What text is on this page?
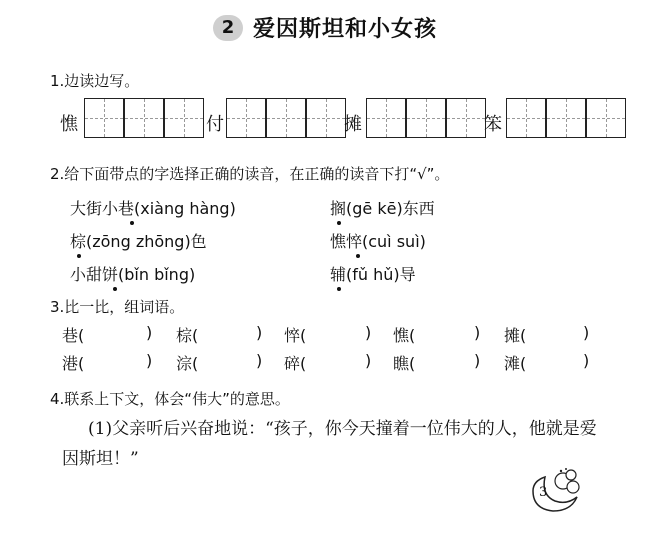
2 爱因斯坦和小女孩
1.边读边写。
憔	付	摊	笨
2.给下面带点的字选择正确的读音，在正确的读音下打“√”。
大街小巷(xiàng hàng)	搁(gē kē)东西
棕(zōng zhōng)色	憔悴(cuì suì)
小甜饼(bǐn bǐng)	辅(fǔ hǔ)导
3.比一比，组词语。
巷(	) 棕(	) 悴(	) 憔(	) 摊(	)
港(	) 淙(	) 碎(	) 瞧(	) 滩(	)
4.联系上下文，体会“伟大”的意思。
(1)父亲听后兴奋地说：“孩子，你今天撞着一位伟大的人，他就是爱
因斯坦！”
3
